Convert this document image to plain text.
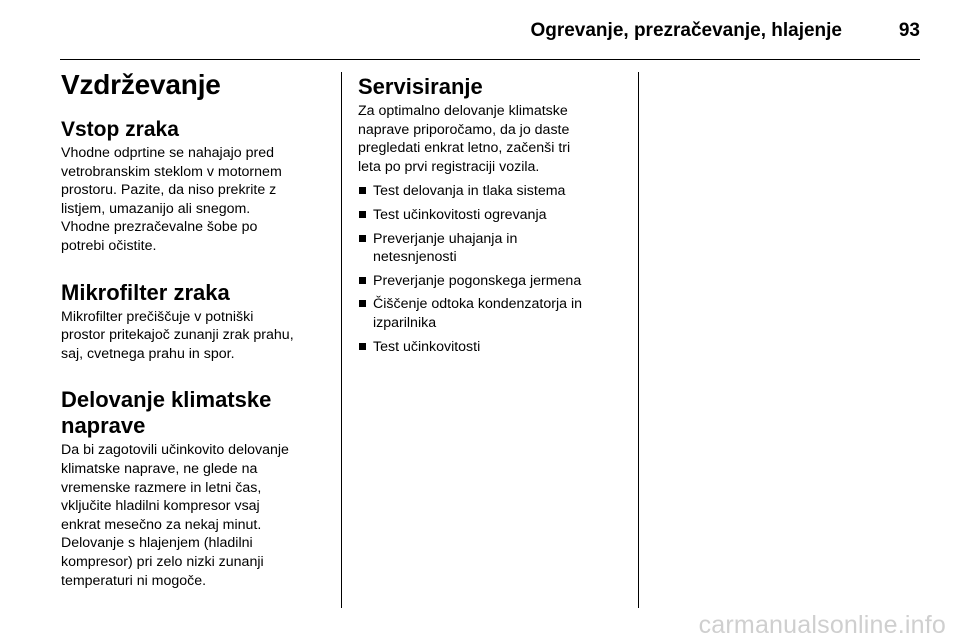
Ogrevanje, prezračevanje, hlajenje	93
Vzdrževanje
Vstop zraka

Vhodne odprtine se nahajajo pred

vetrobranskim steklom v motornem

prostoru. Pazite, da niso prekrite z

listjem, umazanijo ali snegom.

Vhodne prezračevalne šobe po

potrebi očistite.

Mikrofilter zraka

Mikrofilter prečiščuje v potniški

prostor pritekajoč zunanji zrak prahu,

saj, cvetnega prahu in spor.

Delovanje klimatske
naprave

Da bi zagotovili učinkovito delovanje

klimatske naprave, ne glede na

vremenske razmere in letni čas,

vključite hladilni kompresor vsaj

enkrat mesečno za nekaj minut.

Delovanje s hlajenjem (hladilni

kompresor) pri zelo nizki zunanji

temperaturi ni mogoče.

Servisiranje

Za optimalno delovanje klimatske

naprave priporočamo, da jo daste

pregledati enkrat letno, začenši tri

leta po prvi registraciji vozila.

Test delovanja in tlaka sistema
Test učinkovitosti ogrevanja
Preverjanje uhajanja in
netesnjenosti
Preverjanje pogonskega jermena
Čiščenje odtoka kondenzatorja in
izparilnika
Test učinkovitosti
carmanualsonline.info
